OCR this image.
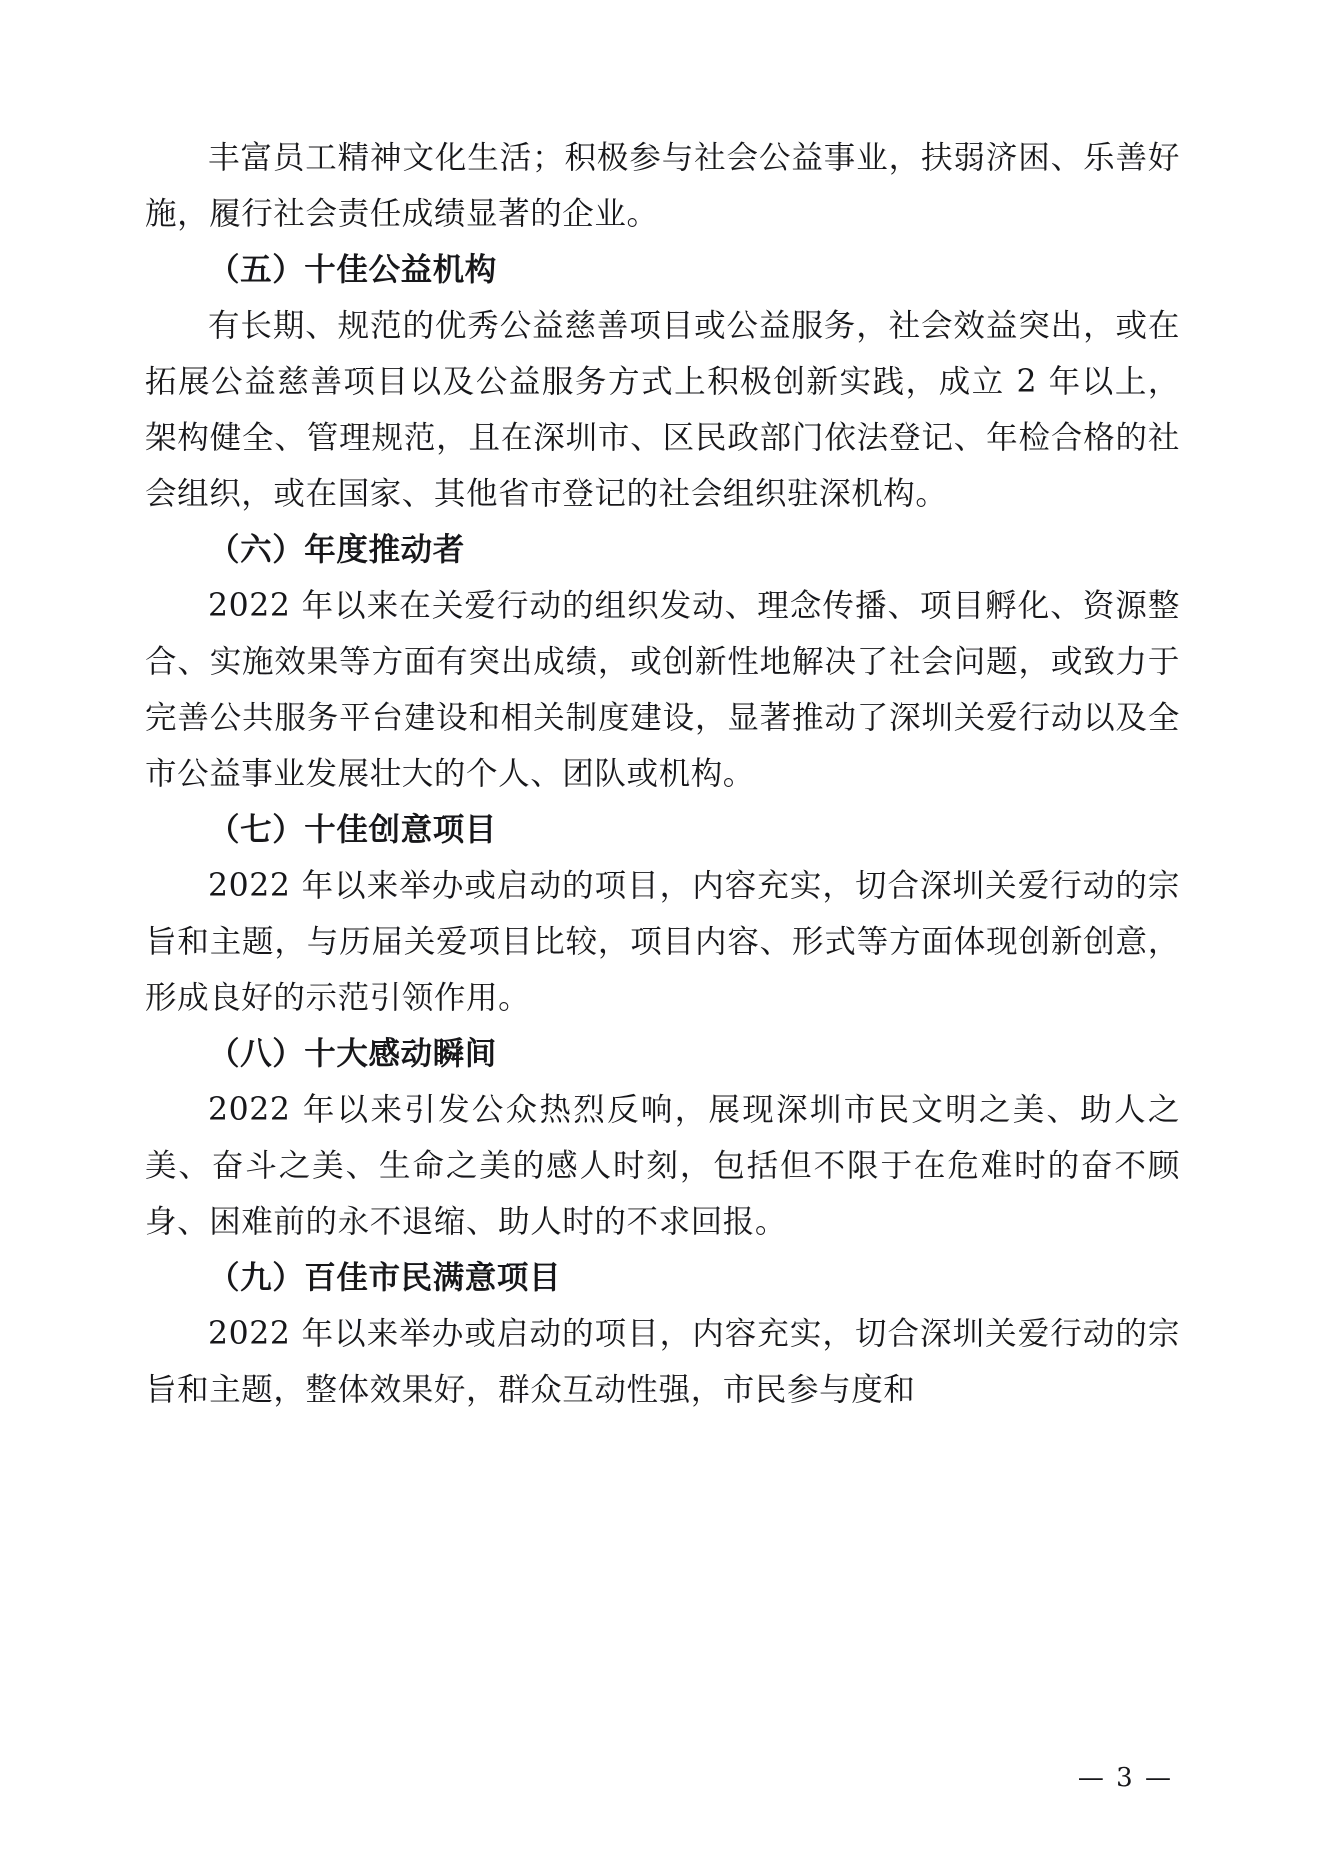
丰富员工精神文化生活；积极参与社会公益事业，扶弱济困、乐善好施，履行社会责任成绩显著的企业。

（五）十佳公益机构

有长期、规范的优秀公益慈善项目或公益服务，社会效益突出，或在拓展公益慈善项目以及公益服务方式上积极创新实践，成立 2 年以上，架构健全、管理规范，且在深圳市、区民政部门依法登记、年检合格的社会组织，或在国家、其他省市登记的社会组织驻深机构。

（六）年度推动者

2022 年以来在关爱行动的组织发动、理念传播、项目孵化、资源整合、实施效果等方面有突出成绩，或创新性地解决了社会问题，或致力于完善公共服务平台建设和相关制度建设，显著推动了深圳关爱行动以及全市公益事业发展壮大的个人、团队或机构。

（七）十佳创意项目

2022 年以来举办或启动的项目，内容充实，切合深圳关爱行动的宗旨和主题，与历届关爱项目比较，项目内容、形式等方面体现创新创意，形成良好的示范引领作用。

（八）十大感动瞬间

2022 年以来引发公众热烈反响，展现深圳市民文明之美、助人之美、奋斗之美、生命之美的感人时刻，包括但不限于在危难时的奋不顾身、困难前的永不退缩、助人时的不求回报。

（九）百佳市民满意项目

2022 年以来举办或启动的项目，内容充实，切合深圳关爱行动的宗旨和主题，整体效果好，群众互动性强，市民参与度和

— 3 —
